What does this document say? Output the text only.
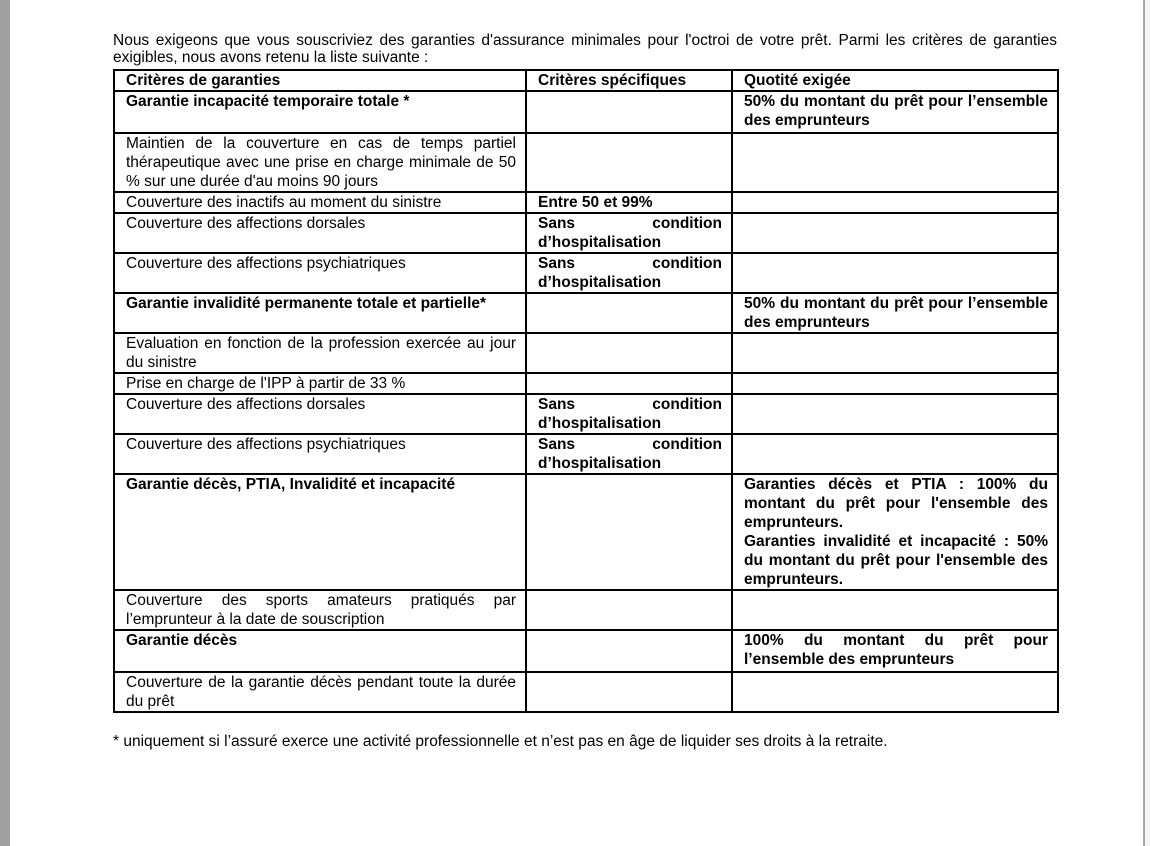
Nous exigeons que vous souscriviez des garanties d'assurance minimales pour l'octroi de votre prêt. Parmi les critères de garanties exigibles, nous avons retenu la liste suivante :

Critères de garanties	Critères spécifiques	Quotité exigée
Garantie incapacité temporaire totale *		50% du montant du prêt pour l’ensemble des emprunteurs
Maintien de la couverture en cas de temps partiel thérapeutique avec une prise en charge minimale de 50 % sur une durée d'au moins 90 jours		
Couverture des inactifs au moment du sinistre	Entre 50 et 99%	
Couverture des affections dorsales	Sans condition d’hospitalisation	
Couverture des affections psychiatriques	Sans condition d’hospitalisation	
Garantie invalidité permanente totale et partielle*		50% du montant du prêt pour l’ensemble des emprunteurs
Evaluation en fonction de la profession exercée au jour du sinistre		
Prise en charge de l'IPP à partir de 33 %		
Couverture des affections dorsales	Sans condition d’hospitalisation	
Couverture des affections psychiatriques	Sans condition d’hospitalisation	
Garantie décès, PTIA, Invalidité et incapacité		Garanties décès et PTIA : 100% du montant du prêt pour l'ensemble des emprunteurs.
Garanties invalidité et incapacité : 50% du montant du prêt pour l'ensemble des emprunteurs.
Couverture des sports amateurs pratiqués par l’emprunteur à la date de souscription		
Garantie décès		100% du montant du prêt pour l’ensemble des emprunteurs
Couverture de la garantie décès pendant toute la durée du prêt		

* uniquement si l’assuré exerce une activité professionnelle et n’est pas en âge de liquider ses droits à la retraite.
